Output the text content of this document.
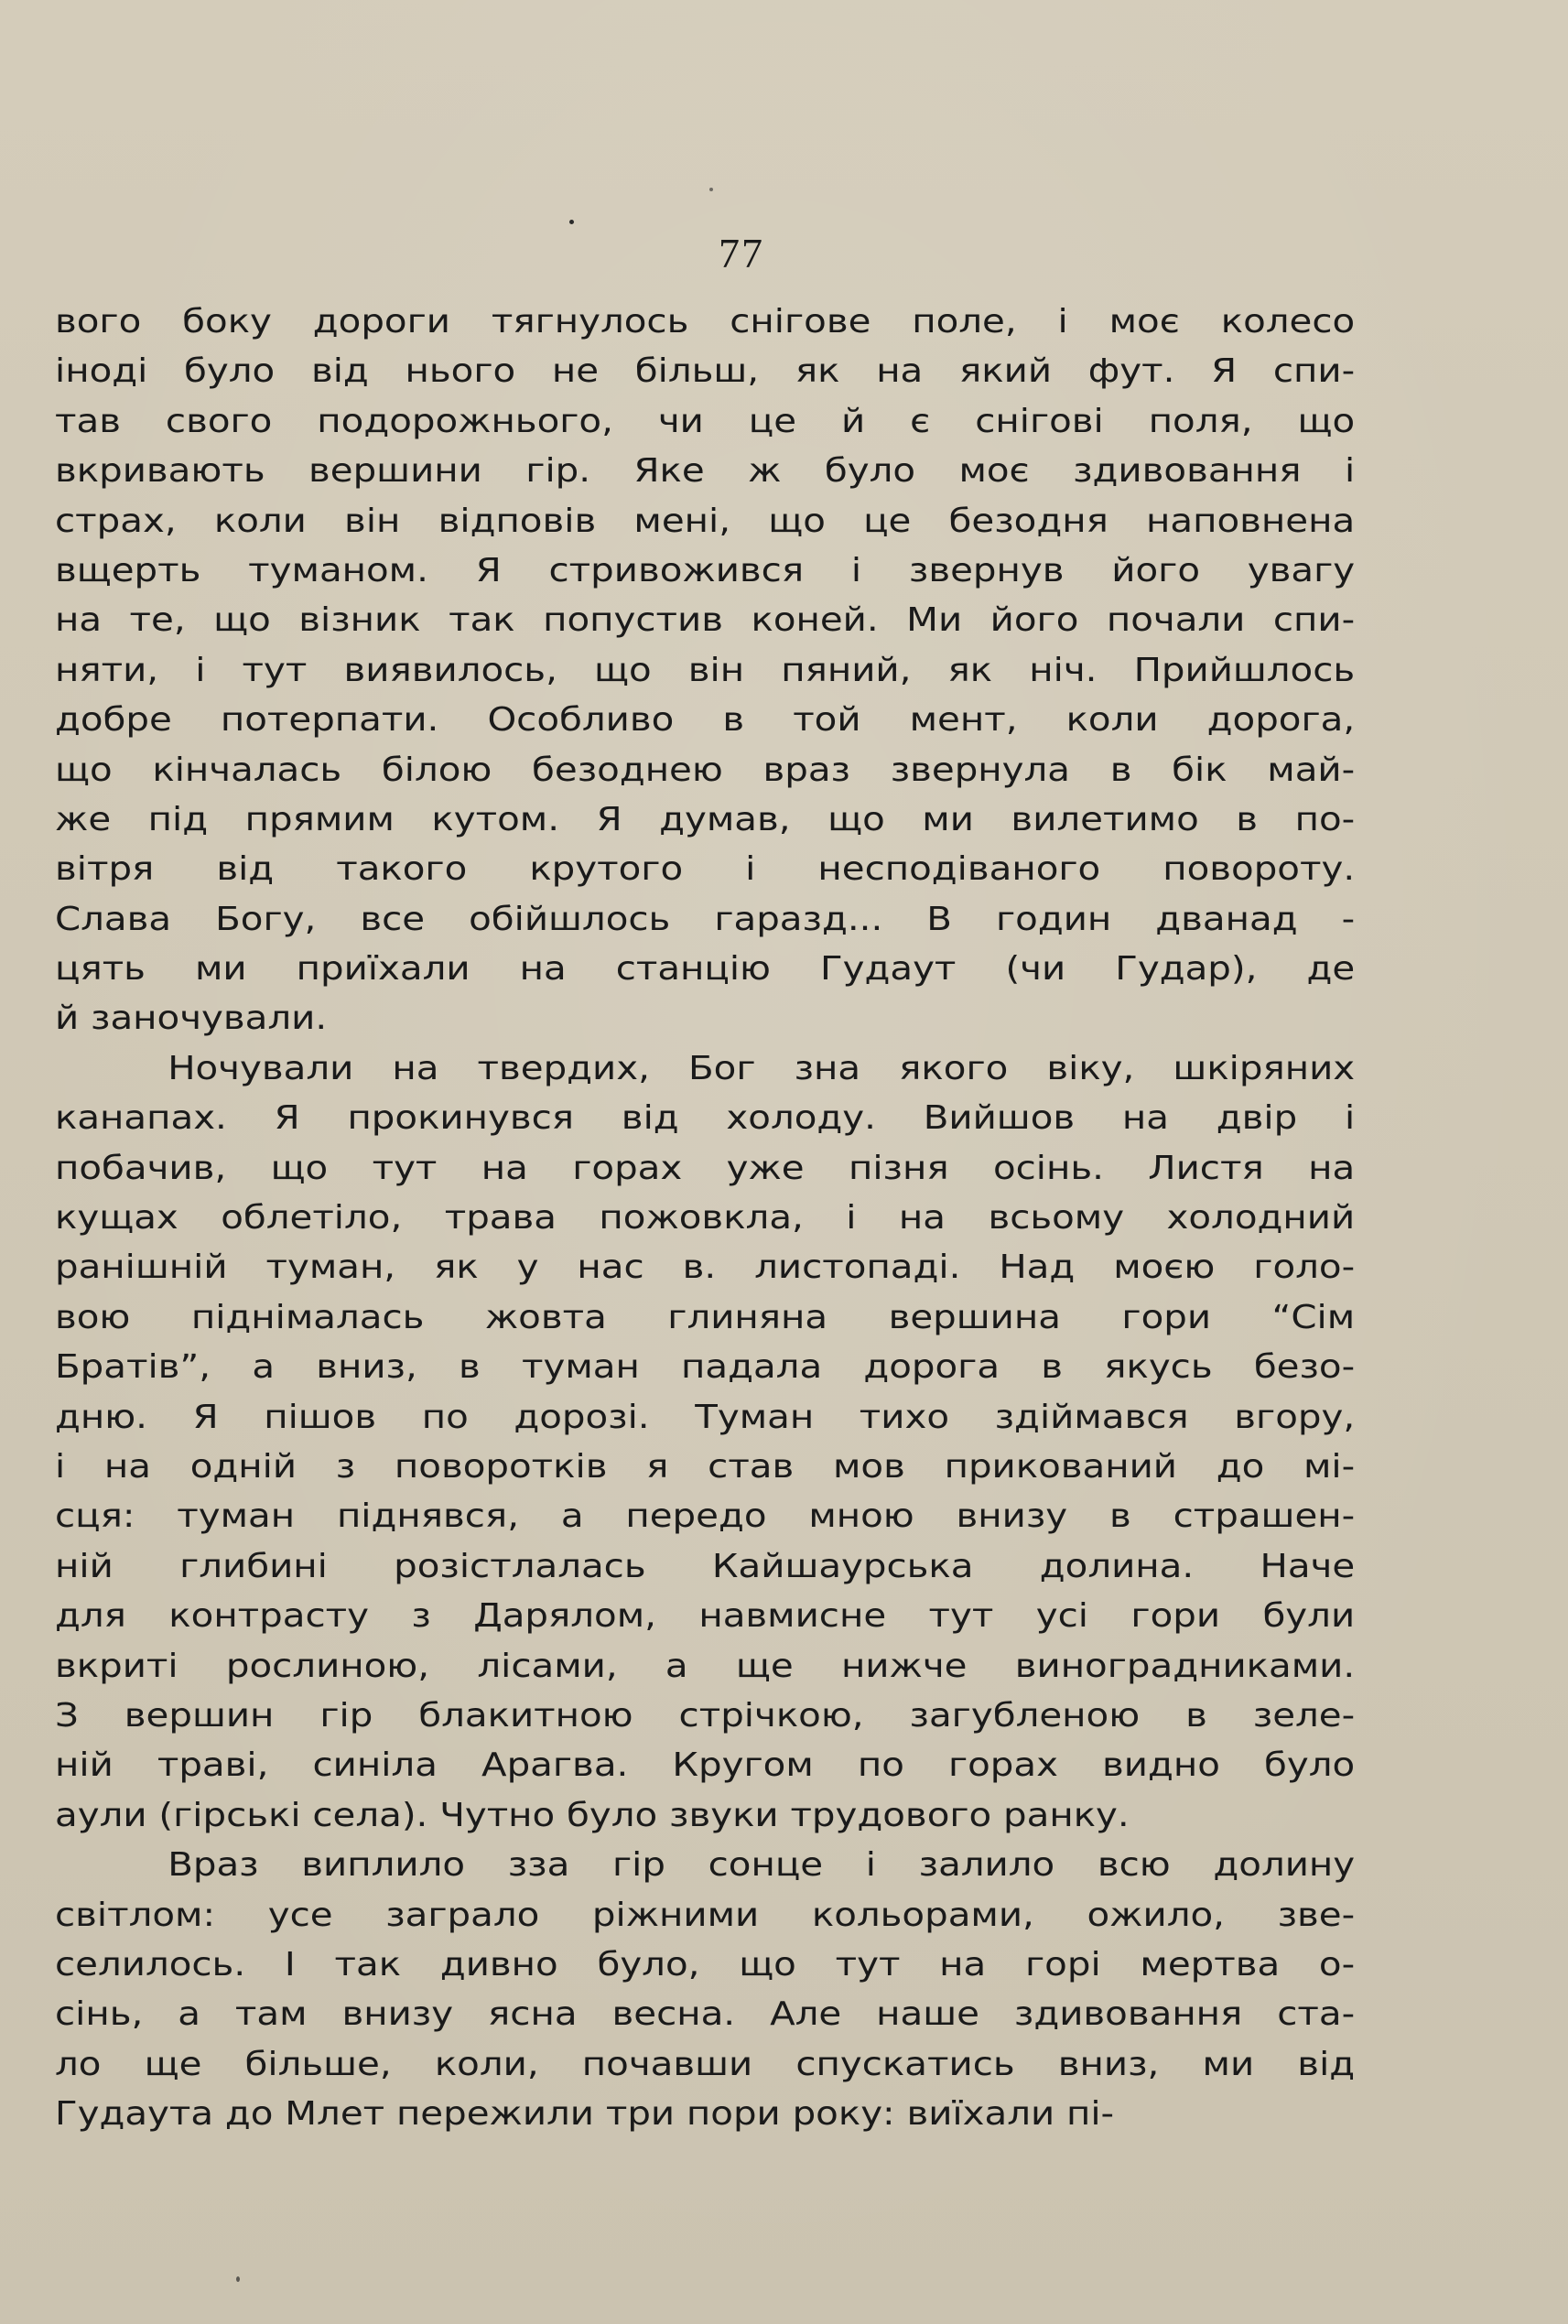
77
вого боку дороги тягнулось снігове поле, і моє колесо
іноді було від нього не більш, як на який фут. Я спи-
тав свого подорожнього, чи це й є снігові поля, що
вкривають вершини гір. Яке ж було моє здивовання і
страх, коли він відповів мені, що це безодня наповнена
вщерть туманом. Я стривожився і звернув його увагу
на те, що візник так попустив коней. Ми його почали спи-
няти, і тут виявилось, що він пяний, як ніч. Прийшлось
добре потерпати. Особливо в той мент, коли дорога,
що кінчалась білою безоднею враз звернула в бік май-
же під прямим кутом. Я думав, що ми вилетимо в по-
вітря від такого крутого і несподіваного повороту.
Слава Богу, все обійшлось гаразд... В годин дванад -
цять ми приїхали на станцію Гудаут (чи Гудар), де
й заночували.
Ночували на твердих, Бог зна якого віку, шкіряних
канапах. Я прокинувся від холоду. Вийшов на двір і
побачив, що тут на горах уже пізня осінь. Листя на
кущах облетіло, трава пожовкла, і на всьому холодний
ранішній туман, як у нас в. листопаді. Над моєю голо-
вою піднімалась жовта глиняна вершина гори “Сім
Братів”, а вниз, в туман падала дорога в якусь безо-
дню. Я пішов по дорозі. Туман тихо здіймався вгору,
і на одній з поворотків я став мов прикований до мі-
сця: туман піднявся, а передо мною внизу в страшен-
ній глибині розістлалась Кайшаурська долина. Наче
для контрасту з Дарялом, навмисне тут усі гори були
вкриті рослиною, лісами, а ще нижче виноградниками.
З вершин гір блакитною стрічкою, загубленою в зеле-
ній траві, синіла Арагва. Кругом по горах видно було
аули (гірські села). Чутно було звуки трудового ранку.
Враз виплило зза гір сонце і залило всю долину
світлом: усе заграло ріжними кольорами, ожило, зве-
селилось. І так дивно було, що тут на горі мертва о-
сінь, а там внизу ясна весна. Але наше здивовання ста-
ло ще більше, коли, почавши спускатись вниз, ми від
Гудаута до Млет пережили три пори року: виїхали пі-
